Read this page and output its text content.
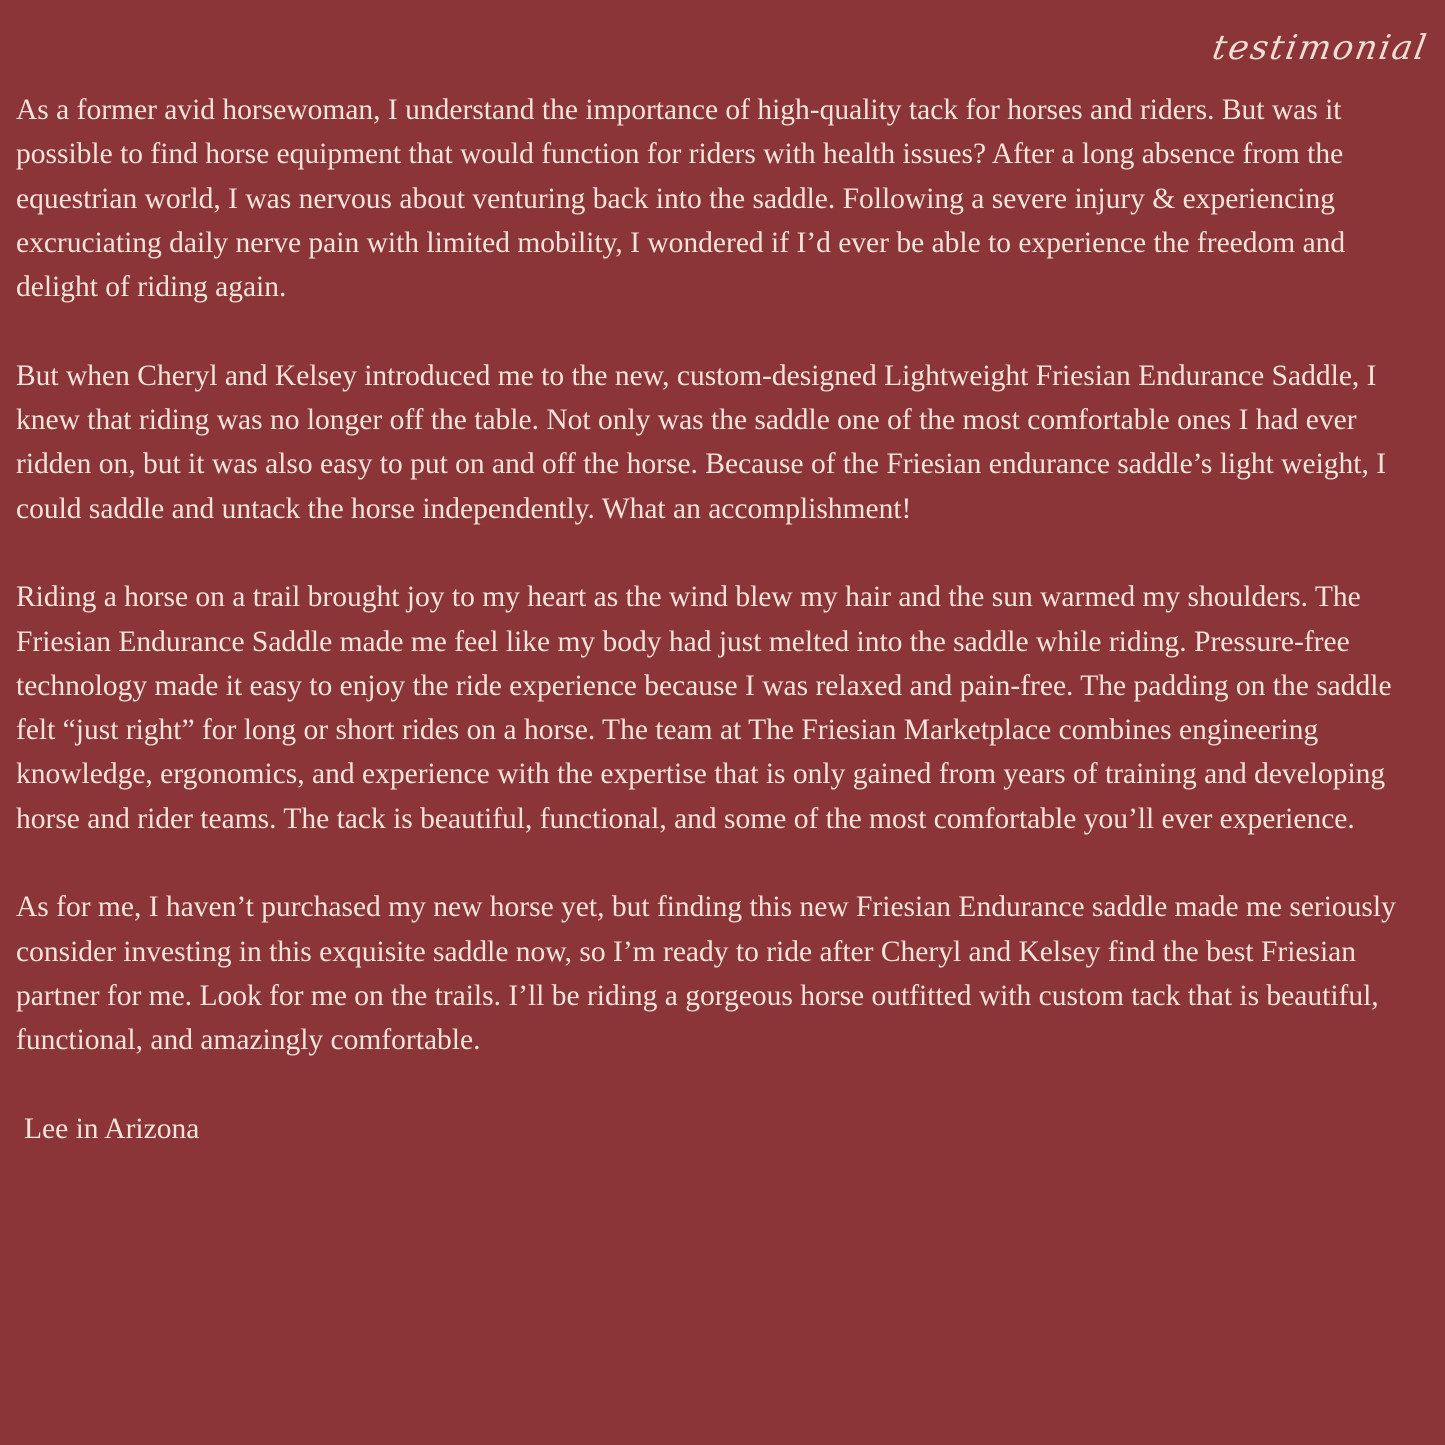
testimonial

As a former avid horsewoman, I understand the importance of high-quality tack for horses and riders. But was it possible to find horse equipment that would function for riders with health issues? After a long absence from the equestrian world, I was nervous about venturing back into the saddle. Following a severe injury & experiencing excruciating daily nerve pain with limited mobility, I wondered if I’d ever be able to experience the freedom and delight of riding again.

But when Cheryl and Kelsey introduced me to the new, custom-designed Lightweight Friesian Endurance Saddle, I knew that riding was no longer off the table. Not only was the saddle one of the most comfortable ones I had ever ridden on, but it was also easy to put on and off the horse. Because of the Friesian endurance saddle’s light weight, I could saddle and untack the horse independently. What an accomplishment!

Riding a horse on a trail brought joy to my heart as the wind blew my hair and the sun warmed my shoulders. The Friesian Endurance Saddle made me feel like my body had just melted into the saddle while riding. Pressure-free technology made it easy to enjoy the ride experience because I was relaxed and pain-free. The padding on the saddle felt “just right” for long or short rides on a horse. The team at The Friesian Marketplace combines engineering knowledge, ergonomics, and experience with the expertise that is only gained from years of training and developing horse and rider teams. The tack is beautiful, functional, and some of the most comfortable you’ll ever experience.

As for me, I haven’t purchased my new horse yet, but finding this new Friesian Endurance saddle made me seriously consider investing in this exquisite saddle now, so I’m ready to ride after Cheryl and Kelsey find the best Friesian partner for me. Look for me on the trails. I’ll be riding a gorgeous horse outfitted with custom tack that is beautiful, functional, and amazingly comfortable.

Lee in Arizona
